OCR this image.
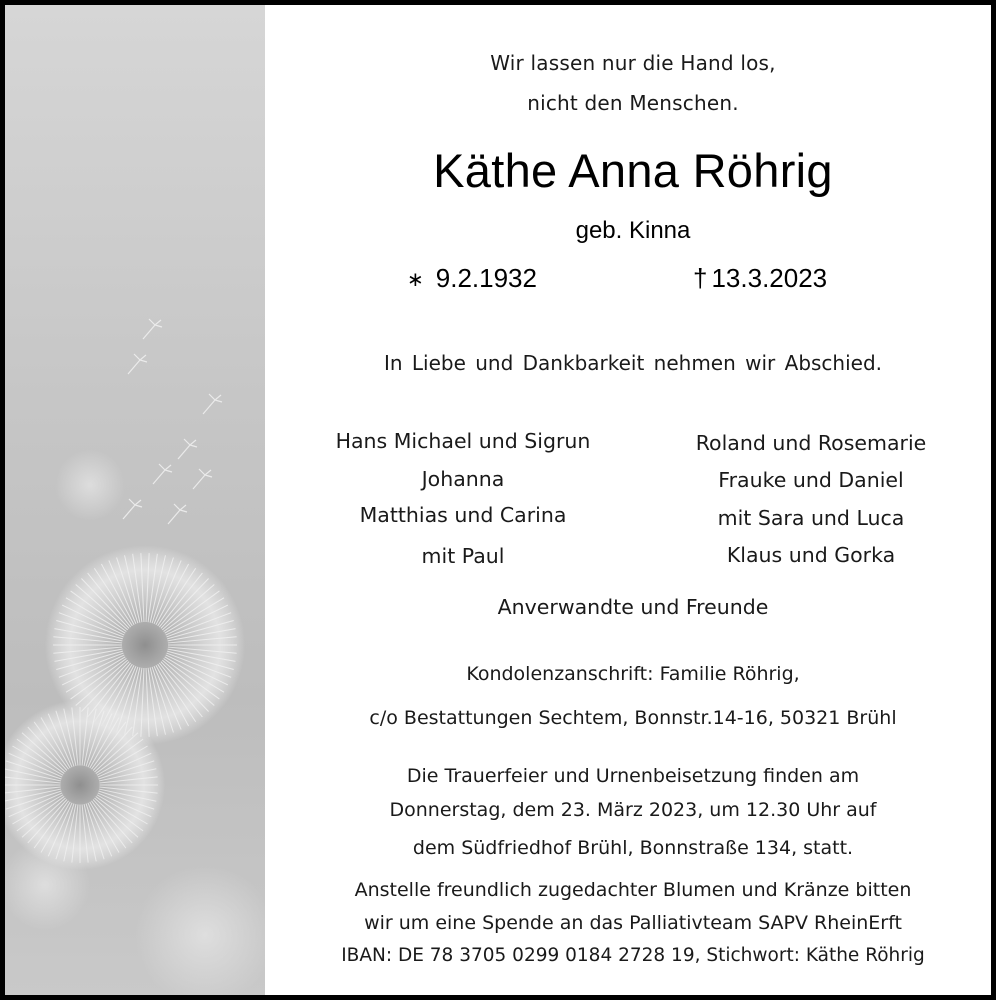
Wir lassen nur die Hand los,
nicht den Menschen.
Käthe Anna Röhrig
geb. Kinna
∗ 9.2.1932	† 13.3.2023
In Liebe und Dankbarkeit nehmen wir Abschied.
Hans Michael und Sigrun
Johanna
Matthias und Carina
mit Paul
Roland und Rosemarie
Frauke und Daniel
mit Sara und Luca
Klaus und Gorka
Anverwandte und Freunde
Kondolenzanschrift: Familie Röhrig,
c/o Bestattungen Sechtem, Bonnstr.14-16, 50321 Brühl
Die Trauerfeier und Urnenbeisetzung finden am
Donnerstag, dem 23. März 2023, um 12.30 Uhr auf
dem Südfriedhof Brühl, Bonnstraße 134, statt.
Anstelle freundlich zugedachter Blumen und Kränze bitten
wir um eine Spende an das Palliativteam SAPV RheinErft
IBAN: DE 78 3705 0299 0184 2728 19, Stichwort: Käthe Röhrig
